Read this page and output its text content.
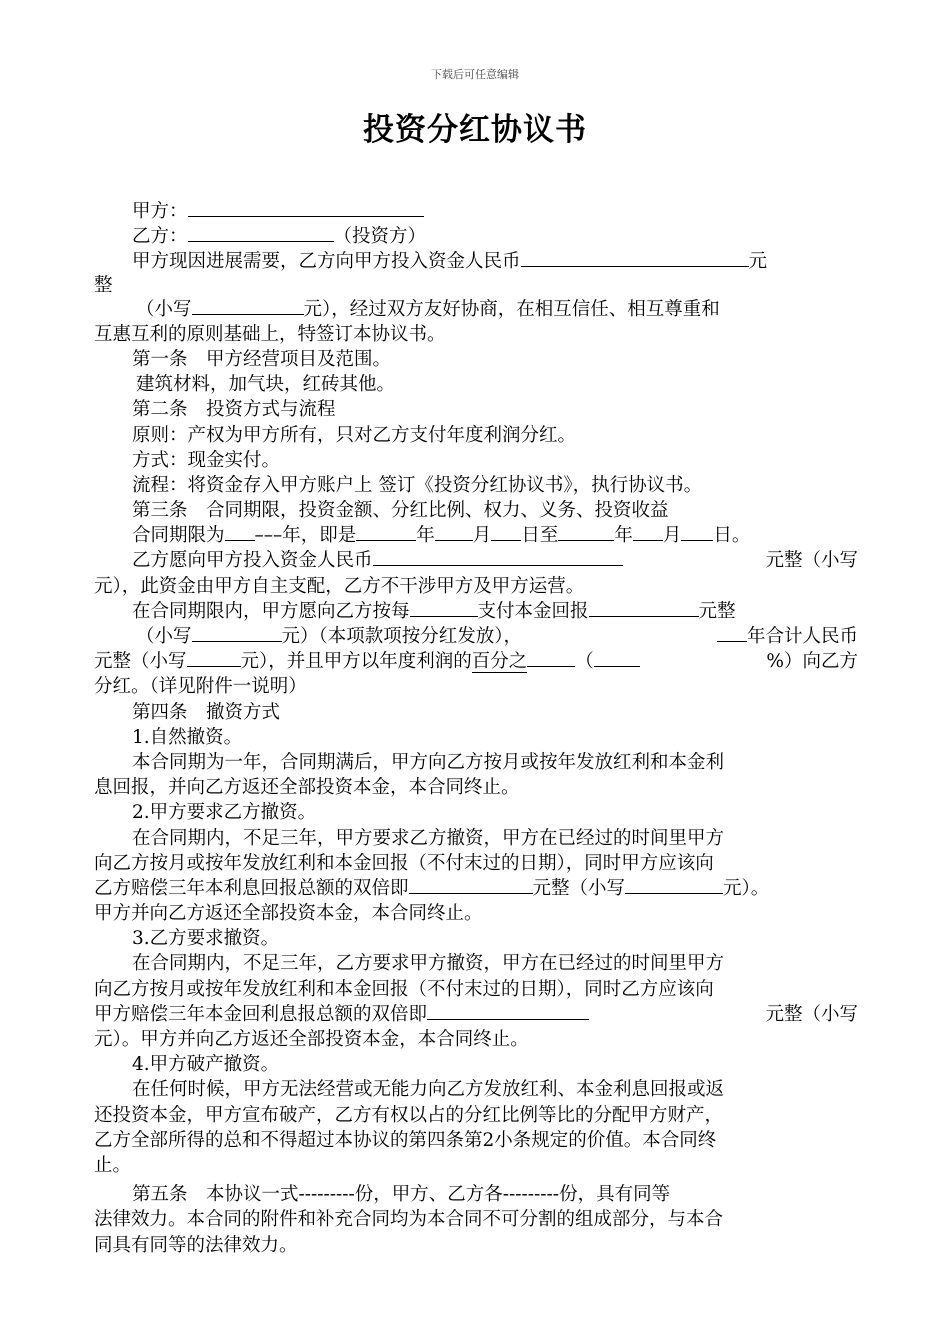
下载后可任意编辑
投资分红协议书
甲方：
乙方：	（投资方）
甲方现因进展需要，乙方向甲方投入资金人民币	元
整
（小写	元），经过双方友好协商，在相互信任、相互尊重和
互惠互利的原则基础上，特签订本协议书。
第一条　甲方经营项目及范围。
建筑材料，加气块，红砖其他。
第二条　投资方式与流程
原则：产权为甲方所有，只对乙方支付年度利润分红。
方式：现金实付。
流程：将资金存入甲方账户上 签订《投资分红协议书》，执行协议书。
第三条　合同期限，投资金额、分红比例、权力、义务、投资收益
合同期限为 –––年，即是	年 月 日至	年 月 日。
乙方愿向甲方投入资金人民币	元整（小写
元），此资金由甲方自主支配，乙方不干涉甲方及甲方运营。
在合同期限内，甲方愿向乙方按每	支付本金回报	元整
（小写	元）（本项款项按分红发放），	年合计人民币
元整（小写	元），并且甲方以年度利润的百分之	（	%）向乙方
分红。（详见附件一说明）
第四条　撤资方式
1.自然撤资。
本合同期为一年，合同期满后，甲方向乙方按月或按年发放红利和本金利
息回报，并向乙方返还全部投资本金，本合同终止。
2.甲方要求乙方撤资。
在合同期内，不足三年，甲方要求乙方撤资，甲方在已经过的时间里甲方
向乙方按月或按年发放红利和本金回报（不付末过的日期），同时甲方应该向
乙方赔偿三年本利息回报总额的双倍即	元整（小写	元）。
甲方并向乙方返还全部投资本金，本合同终止。
3.乙方要求撤资。
在合同期内，不足三年，乙方要求甲方撤资，甲方在已经过的时间里甲方
向乙方按月或按年发放红利和本金回报（不付末过的日期），同时乙方应该向
甲方赔偿三年本金回利息报总额的双倍即	元整（小写
元）。甲方并向乙方返还全部投资本金，本合同终止。
4.甲方破产撤资。
在任何时候，甲方无法经营或无能力向乙方发放红利、本金利息回报或返
还投资本金，甲方宣布破产，乙方有权以占的分红比例等比的分配甲方财产，
乙方全部所得的总和不得超过本协议的第四条第2小条规定的价值。本合同终
止。
第五条　本协议一式---------份，甲方、乙方各---------份，具有同等
法律效力。本合同的附件和补充合同均为本合同不可分割的组成部分，与本合
同具有同等的法律效力。
